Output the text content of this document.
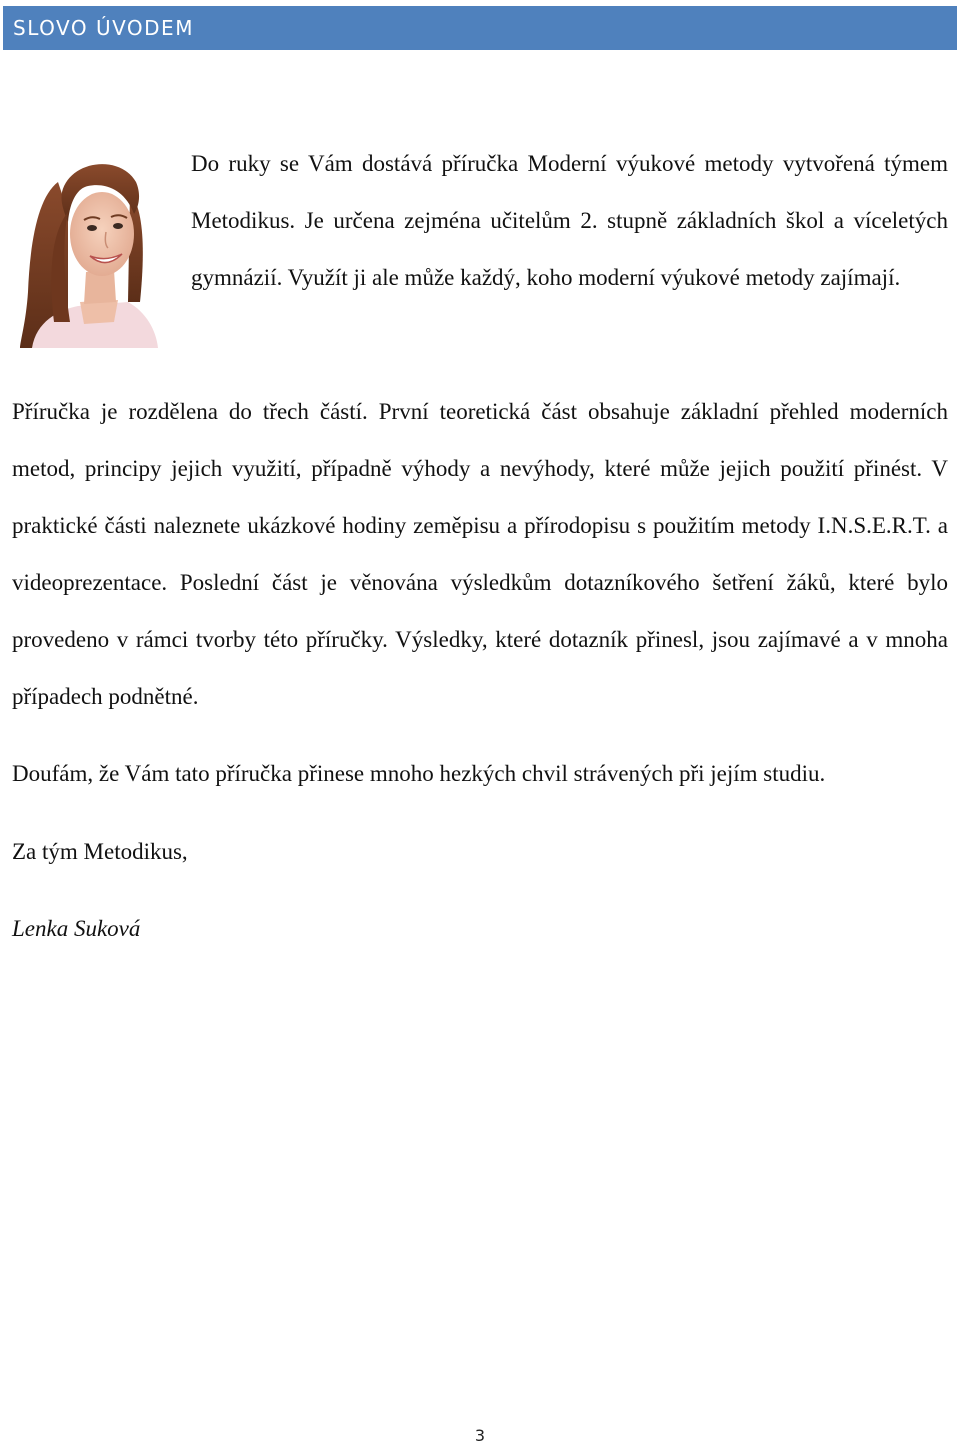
SLOVO ÚVODEM

Do ruky se Vám dostává příručka Moderní výukové metody vytvořená týmem Metodikus. Je určena zejména učitelům 2. stupně základních škol a víceletých gymnázií. Využít ji ale může každý, koho moderní výukové metody zajímají.

Příručka je rozdělena do třech částí. První teoretická část obsahuje základní přehled moderních metod, principy jejich využití, případně výhody a nevýhody, které může jejich použití přinést. V praktické části naleznete ukázkové hodiny zeměpisu a přírodopisu s použitím metody I.N.S.E.R.T. a videoprezentace. Poslední část je věnována výsledkům dotazníkového šetření žáků, které bylo provedeno v rámci tvorby této příručky. Výsledky, které dotazník přinesl, jsou zajímavé a v mnoha případech podnětné.

Doufám, že Vám tato příručka přinese mnoho hezkých chvil strávených při jejím studiu.

Za tým Metodikus,

Lenka Suková

3
